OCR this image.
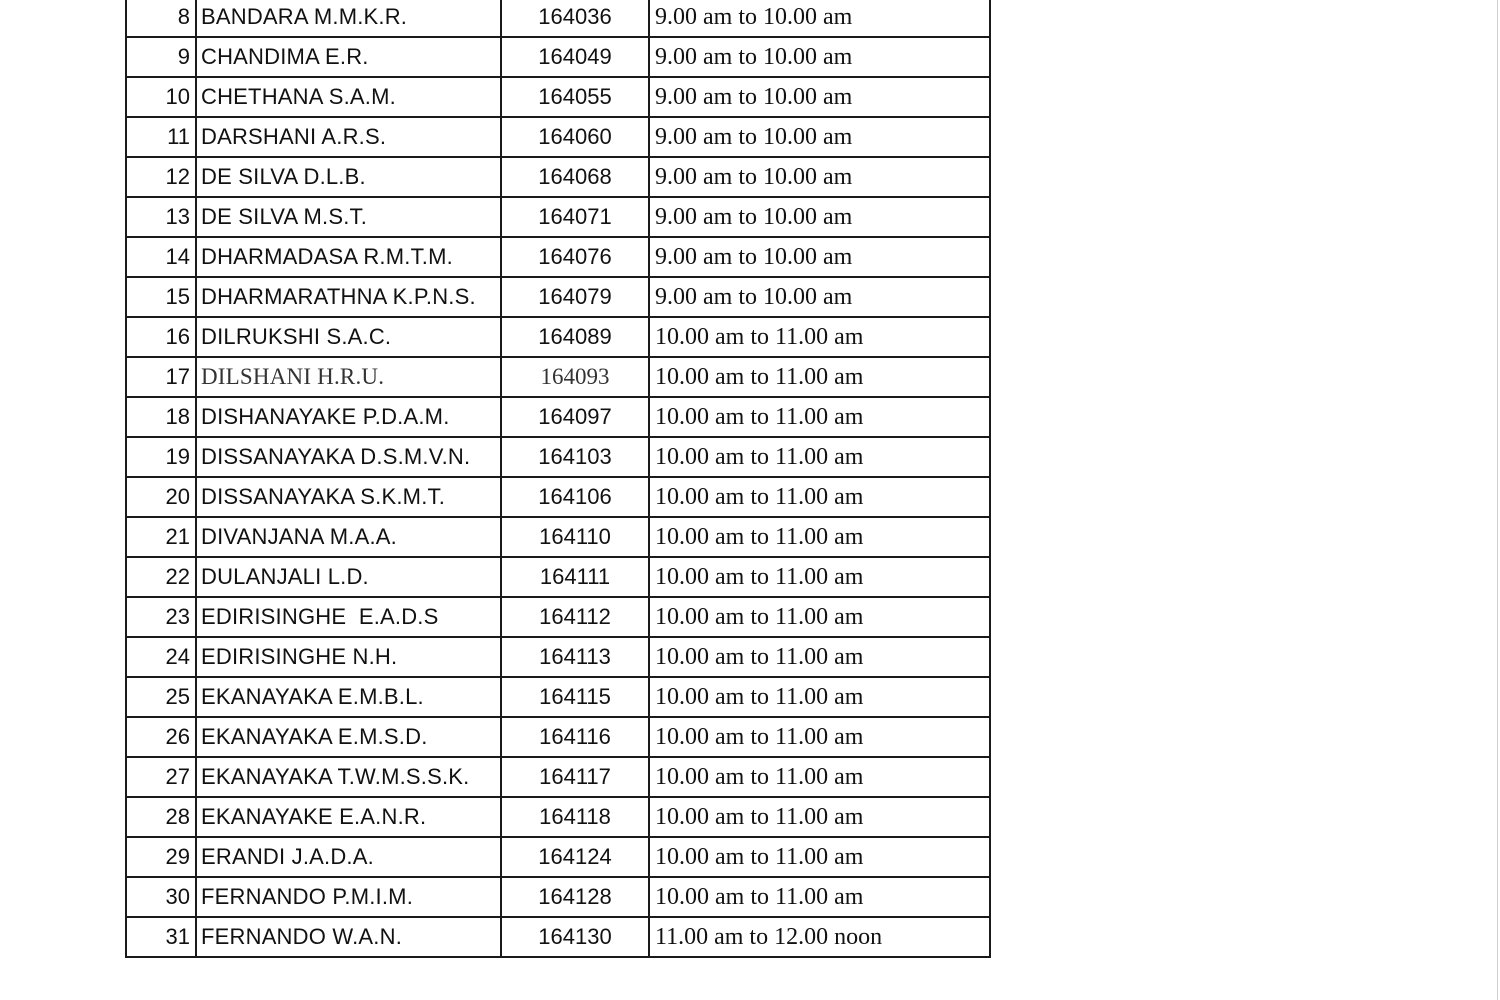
8	BANDARA M.M.K.R.	164036	9.00 am to 10.00 am
9	CHANDIMA E.R.	164049	9.00 am to 10.00 am
10	CHETHANA S.A.M.	164055	9.00 am to 10.00 am
11	DARSHANI A.R.S.	164060	9.00 am to 10.00 am
12	DE SILVA D.L.B.	164068	9.00 am to 10.00 am
13	DE SILVA M.S.T.	164071	9.00 am to 10.00 am
14	DHARMADASA R.M.T.M.	164076	9.00 am to 10.00 am
15	DHARMARATHNA K.P.N.S.	164079	9.00 am to 10.00 am
16	DILRUKSHI S.A.C.	164089	10.00 am to 11.00 am
17	DILSHANI H.R.U.	164093	10.00 am to 11.00 am
18	DISHANAYAKE P.D.A.M.	164097	10.00 am to 11.00 am
19	DISSANAYAKA D.S.M.V.N.	164103	10.00 am to 11.00 am
20	DISSANAYAKA S.K.M.T.	164106	10.00 am to 11.00 am
21	DIVANJANA M.A.A.	164110	10.00 am to 11.00 am
22	DULANJALI L.D.	164111	10.00 am to 11.00 am
23	EDIRISINGHE  E.A.D.S	164112	10.00 am to 11.00 am
24	EDIRISINGHE N.H.	164113	10.00 am to 11.00 am
25	EKANAYAKA E.M.B.L.	164115	10.00 am to 11.00 am
26	EKANAYAKA E.M.S.D.	164116	10.00 am to 11.00 am
27	EKANAYAKA T.W.M.S.S.K.	164117	10.00 am to 11.00 am
28	EKANAYAKE E.A.N.R.	164118	10.00 am to 11.00 am
29	ERANDI J.A.D.A.	164124	10.00 am to 11.00 am
30	FERNANDO P.M.I.M.	164128	10.00 am to 11.00 am
31	FERNANDO W.A.N.	164130	11.00 am to 12.00 noon
